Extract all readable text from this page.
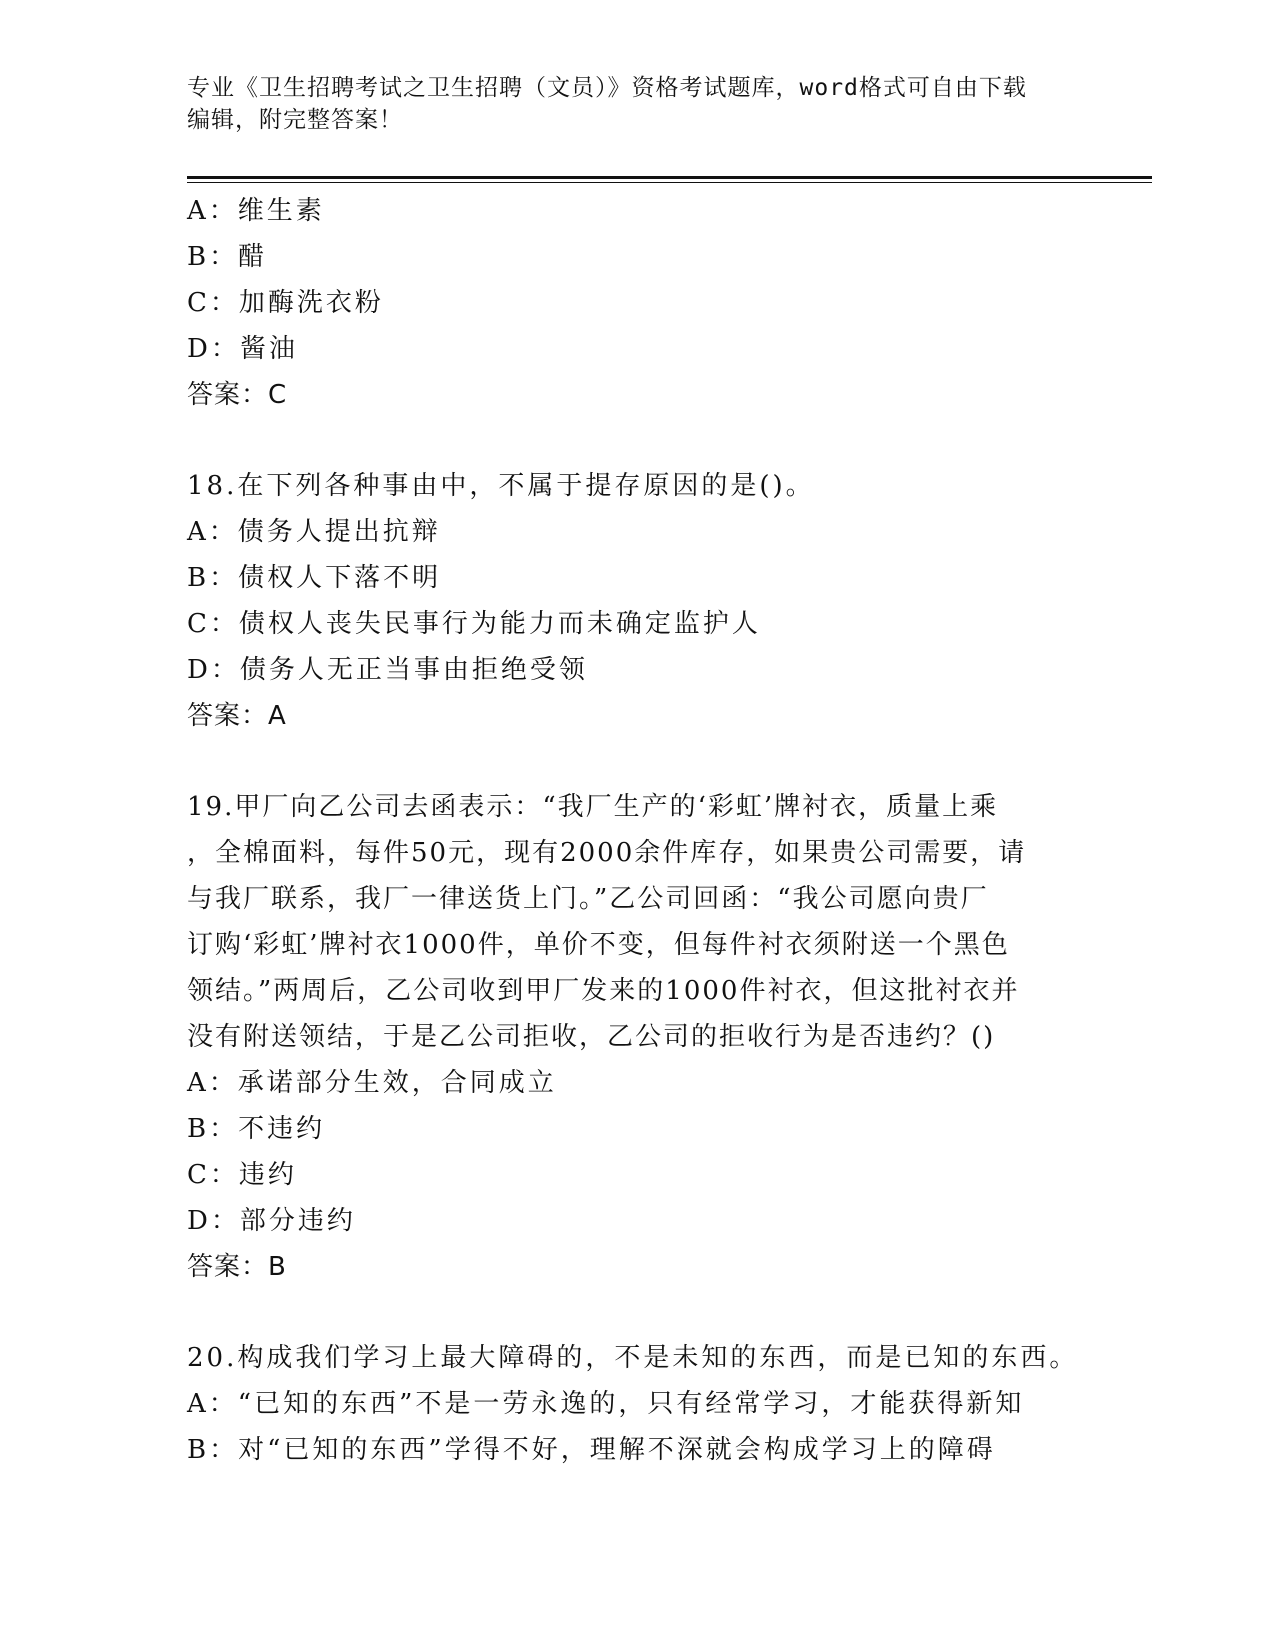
专业《卫生招聘考试之卫生招聘（文员）》资格考试题库，word格式可自由下载
编辑，附完整答案！
A：维生素
B：醋
C：加酶洗衣粉
D：酱油
答案：C
18.在下列各种事由中，不属于提存原因的是()。
A：债务人提出抗辩
B：债权人下落不明
C：债权人丧失民事行为能力而未确定监护人
D：债务人无正当事由拒绝受领
答案：A
19.甲厂向乙公司去函表示：“我厂生产的‘彩虹’牌衬衣，质量上乘
，全棉面料，每件50元，现有2000余件库存，如果贵公司需要，请
与我厂联系，我厂一律送货上门。”乙公司回函：“我公司愿向贵厂
订购‘彩虹’牌衬衣1000件，单价不变，但每件衬衣须附送一个黑色
领结。”两周后，乙公司收到甲厂发来的1000件衬衣，但这批衬衣并
没有附送领结，于是乙公司拒收，乙公司的拒收行为是否违约？()
A：承诺部分生效，合同成立
B：不违约
C：违约
D：部分违约
答案：B
20.构成我们学习上最大障碍的，不是未知的东西，而是已知的东西。
A：“已知的东西”不是一劳永逸的，只有经常学习，才能获得新知
B：对“已知的东西”学得不好，理解不深就会构成学习上的障碍
